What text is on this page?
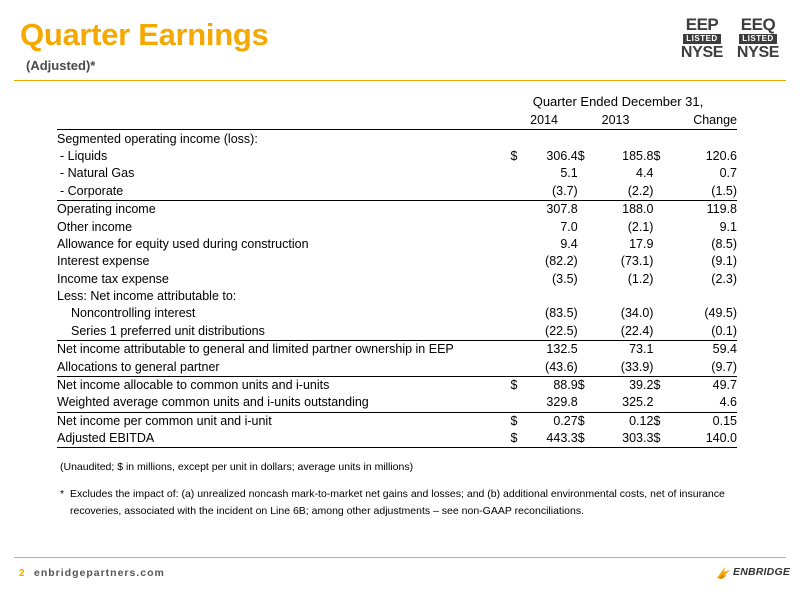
Quarter Earnings
(Adjusted)*
EEP
LISTED
NYSE
EEQ
LISTED
NYSE
Quarter Ended December 31,
	2014		2013		Change	
Segmented operating income (loss):						
- Liquids	$	306.4	$	185.8	$	120.6
- Natural Gas		5.1		4.4		0.7
- Corporate		(3.7)		(2.2)		(1.5)
Operating income		307.8		188.0		119.8
Other income		7.0		(2.1)		9.1
Allowance for equity used during construction		9.4		17.9		(8.5)
Interest expense		(82.2)		(73.1)		(9.1)
Income tax expense		(3.5)		(1.2)		(2.3)
Less: Net income attributable to:						
Noncontrolling interest		(83.5)		(34.0)		(49.5)
Series 1 preferred unit distributions		(22.5)		(22.4)		(0.1)
Net income attributable to general and limited partner ownership in EEP		132.5		73.1		59.4
Allocations to general partner		(43.6)		(33.9)		(9.7)
Net income allocable to common units and i-units	$	88.9	$	39.2	$	49.7
Weighted average common units and i-units outstanding		329.8		325.2		4.6
Net income per common unit and i-unit	$	0.27	$	0.12	$	0.15
Adjusted EBITDA	$	443.3	$	303.3	$	140.0
(Unaudited; $ in millions, except per unit in dollars; average units in millions)
* Excludes the impact of: (a) unrealized noncash mark-to-market net gains and losses; and (b) additional environmental costs, net of insurance recoveries, associated with the incident on Line 6B; among other adjustments – see non-GAAP reconciliations.
2 enbridgepartners.com	ENBRIDGE
